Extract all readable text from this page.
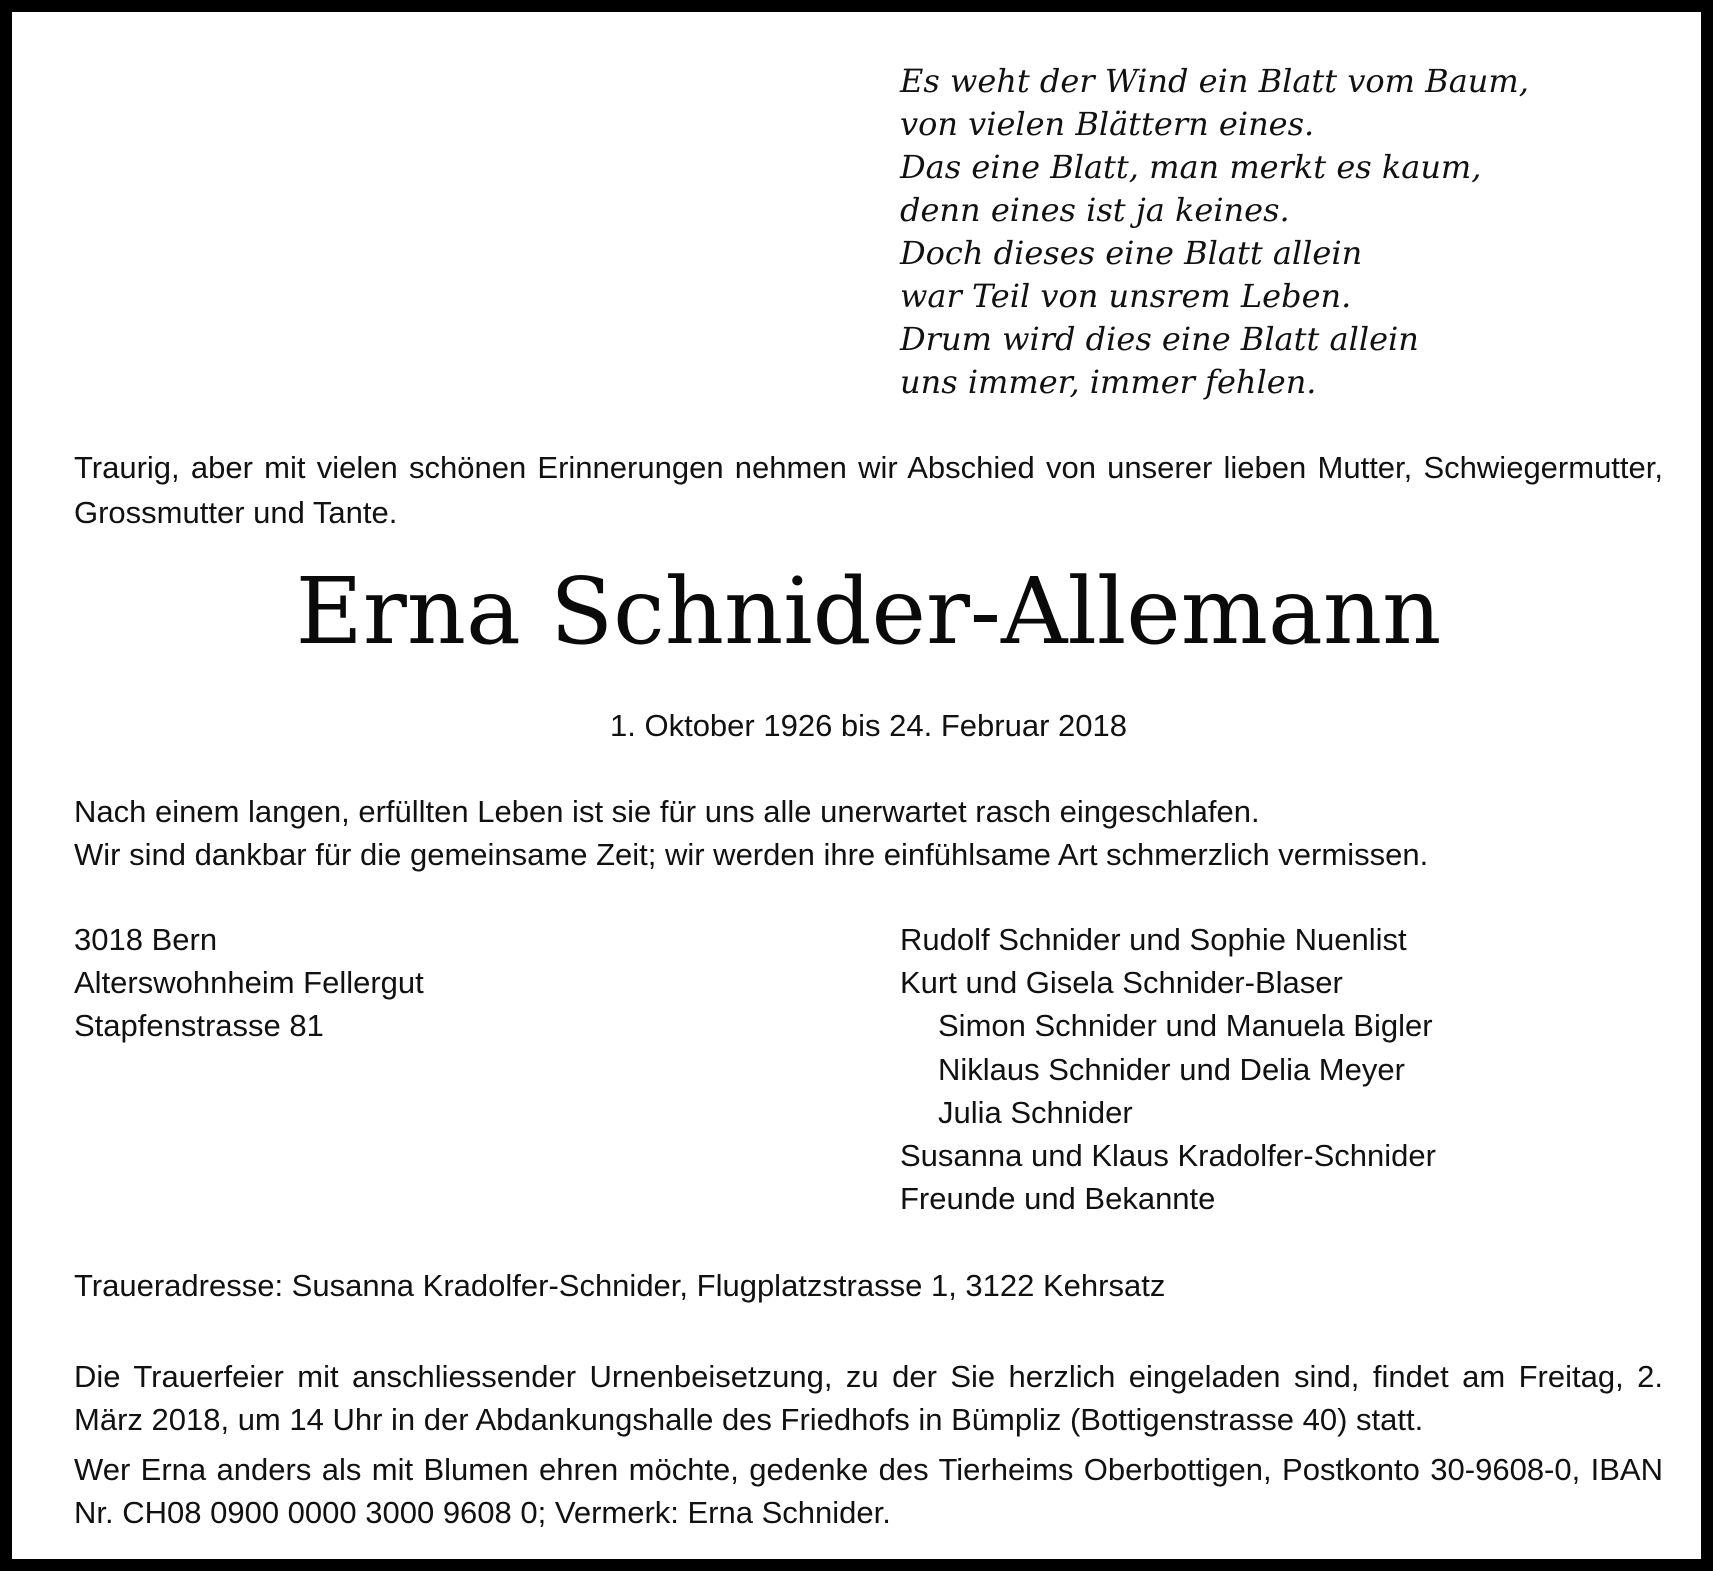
Es weht der Wind ein Blatt vom Baum,
von vielen Blättern eines.
Das eine Blatt, man merkt es kaum,
denn eines ist ja keines.
Doch dieses eine Blatt allein
war Teil von unsrem Leben.
Drum wird dies eine Blatt allein
uns immer, immer fehlen.
Traurig, aber mit vielen schönen Erinnerungen nehmen wir Abschied von unserer lieben Mutter, Schwiegermutter, Grossmutter und Tante.
Erna Schnider-Allemann
1. Oktober 1926 bis 24. Februar 2018
Nach einem langen, erfüllten Leben ist sie für uns alle unerwartet rasch eingeschlafen.
Wir sind dankbar für die gemeinsame Zeit; wir werden ihre einfühlsame Art schmerzlich vermissen.
3018 Bern
Alterswohnheim Fellergut
Stapfenstrasse 81
Rudolf Schnider und Sophie Nuenlist
Kurt und Gisela Schnider-Blaser
Simon Schnider und Manuela Bigler
Niklaus Schnider und Delia Meyer
Julia Schnider
Susanna und Klaus Kradolfer-Schnider
Freunde und Bekannte
Traueradresse: Susanna Kradolfer-Schnider, Flugplatzstrasse 1, 3122 Kehrsatz
Die Trauerfeier mit anschliessender Urnenbeisetzung, zu der Sie herzlich eingeladen sind, findet am Freitag, 2. März 2018, um 14 Uhr in der Abdankungshalle des Friedhofs in Bümpliz (Bottigenstrasse 40) statt.
Wer Erna anders als mit Blumen ehren möchte, gedenke des Tierheims Oberbottigen, Postkonto 30-9608-0, IBAN Nr. CH08 0900 0000 3000 9608 0; Vermerk: Erna Schnider.
